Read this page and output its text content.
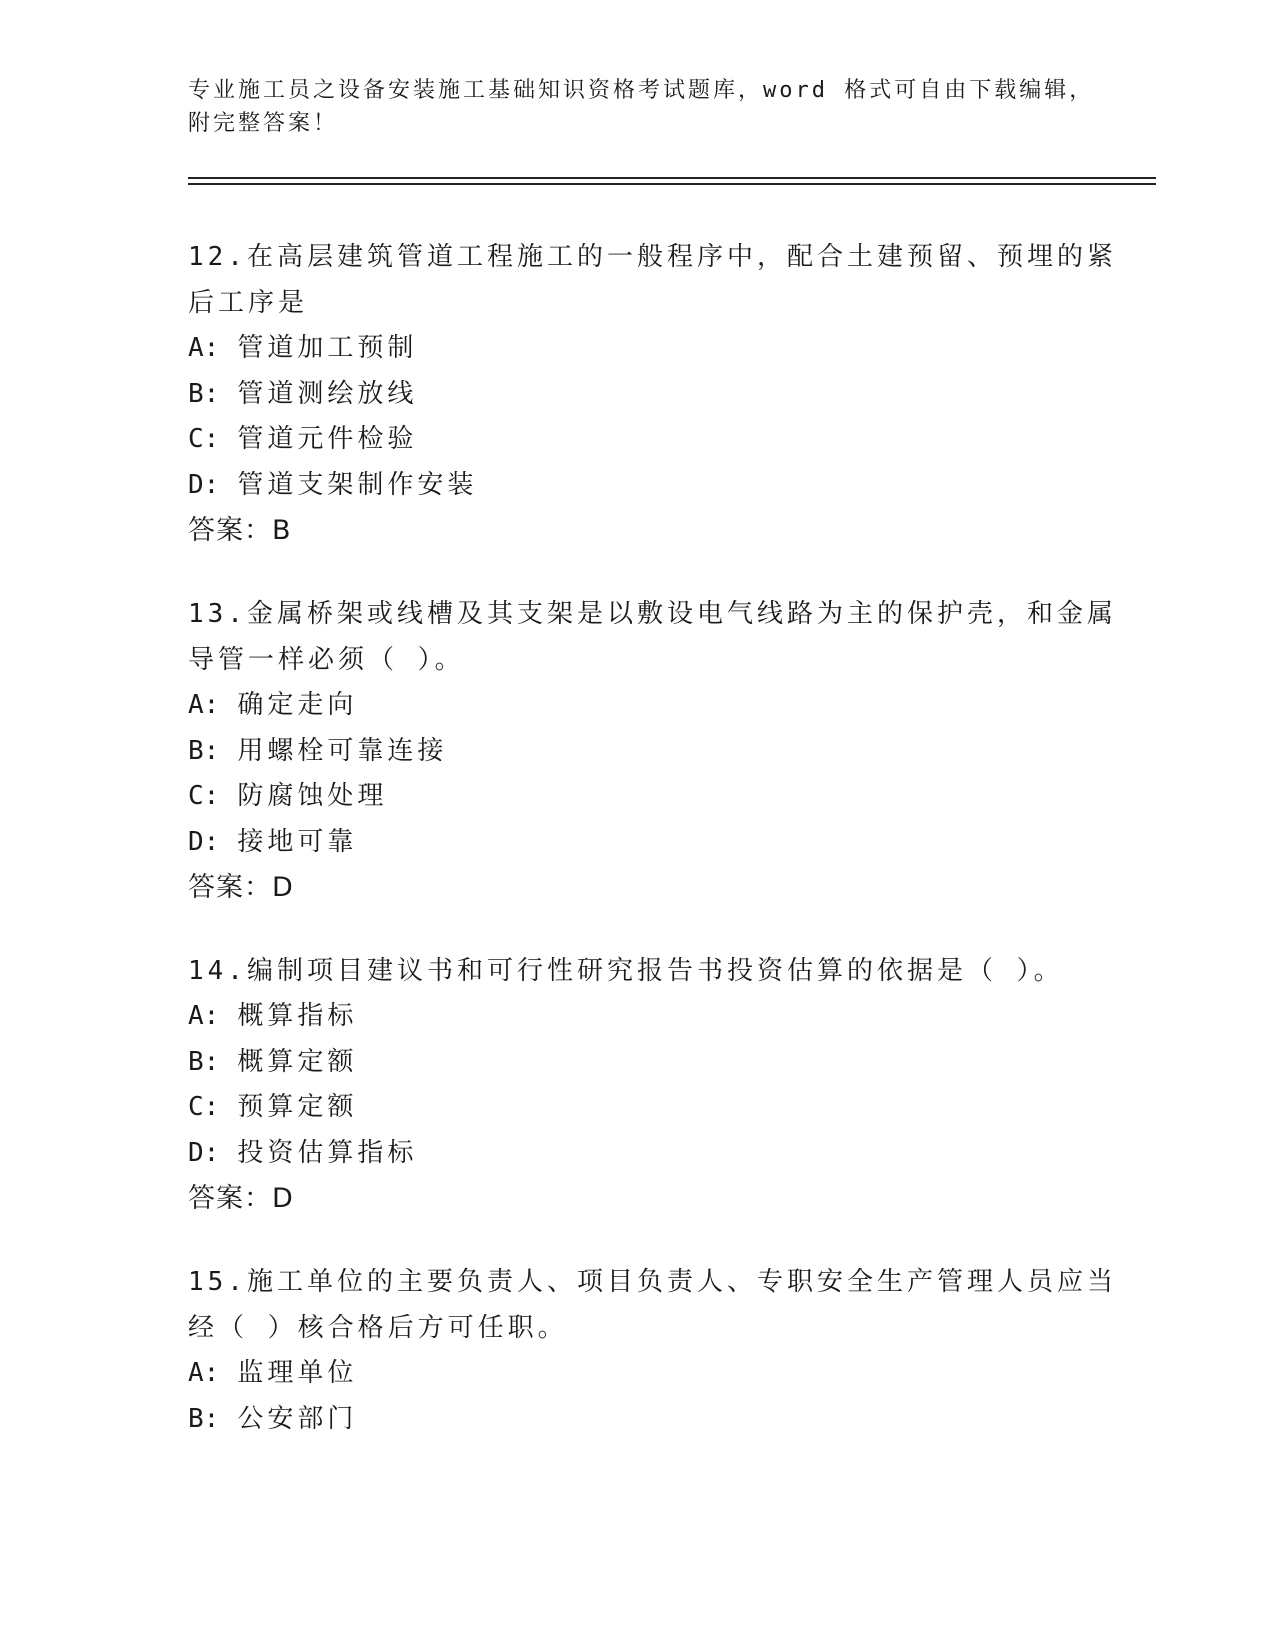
专业施工员之设备安装施工基础知识资格考试题库，word 格式可自由下载编辑，
附完整答案！
12.在高层建筑管道工程施工的一般程序中，配合土建预留、预埋的紧
后工序是
A: 管道加工预制
B: 管道测绘放线
C: 管道元件检验
D: 管道支架制作安装
答案：B
13.金属桥架或线槽及其支架是以敷设电气线路为主的保护壳，和金属
导管一样必须（ ）。
A: 确定走向
B: 用螺栓可靠连接
C: 防腐蚀处理
D: 接地可靠
答案：D
14.编制项目建议书和可行性研究报告书投资估算的依据是（ ）。
A: 概算指标
B: 概算定额
C: 预算定额
D: 投资估算指标
答案：D
15.施工单位的主要负责人、项目负责人、专职安全生产管理人员应当
经（ ）核合格后方可任职。
A: 监理单位
B: 公安部门
